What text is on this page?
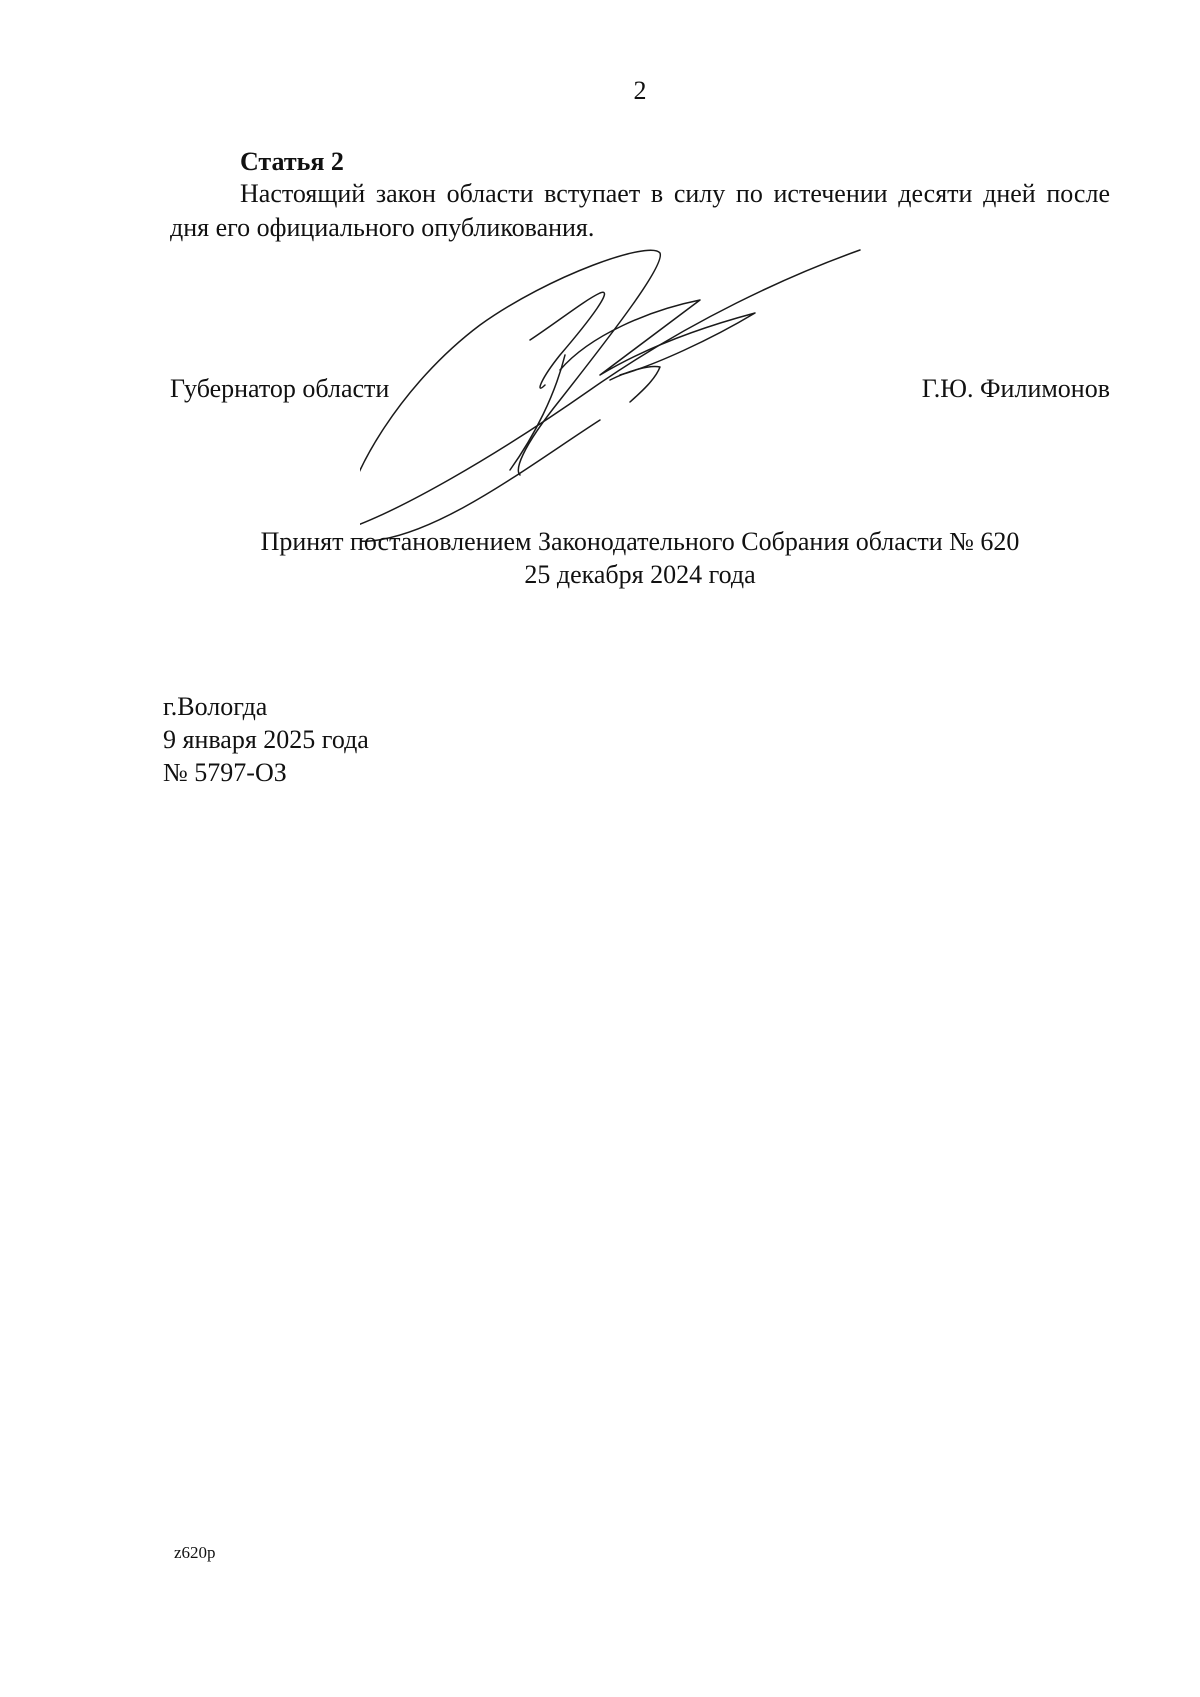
2
Статья 2

Настоящий закон области вступает в силу по истечении десяти дней после дня его официального опубликования.

Губернатор области	Г.Ю. Филимонов
Принят постановлением Законодательного Собрания области № 620
25 декабря 2024 года
г.Вологда
9 января 2025 года
№ 5797-ОЗ
z620p
